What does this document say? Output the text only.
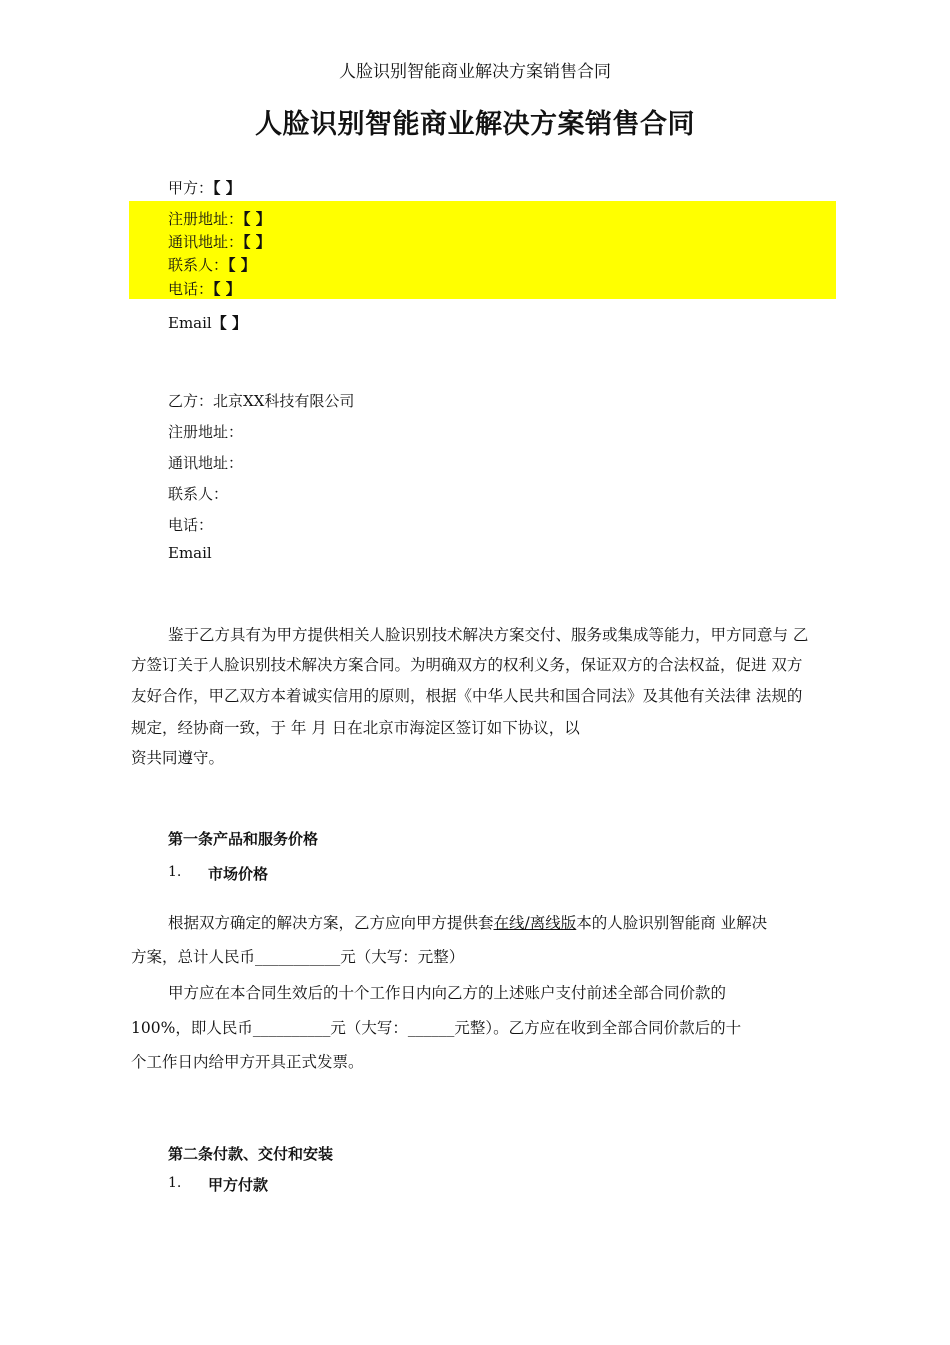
人脸识别智能商业解决方案销售合同
人脸识别智能商业解决方案销售合同
甲方：【 】
注册地址：【 】
通讯地址：【 】
联系人：【 】
电话：【 】
Email【 】
乙方：北京XX科技有限公司
注册地址：
通讯地址：
联系人：
电话：
Email
鉴于乙方具有为甲方提供相关人脸识别技术解决方案交付、服务或集成等能力，甲方同意与 乙
方签订关于人脸识别技术解决方案合同。为明确双方的权利义务，保证双方的合法权益，促进 双方
友好合作，甲乙双方本着诚实信用的原则，根据《中华人民共和国合同法》及其他有关法律 法规的
规定，经协商一致，于 年 月 日在北京市海淀区签订如下协议，以
资共同遵守。
第一条产品和服务价格
1. 市场价格
根据双方确定的解决方案，乙方应向甲方提供套在线/离线版本的人脸识别智能商 业解决
方案，总计人民币___________元（大写：元整）
甲方应在本合同生效后的十个工作日内向乙方的上述账户支付前述全部合同价款的
100%，即人民币__________元（大写：______元整）。乙方应在收到全部合同价款后的十
个工作日内给甲方开具正式发票。
第二条付款、交付和安装
1. 甲方付款
